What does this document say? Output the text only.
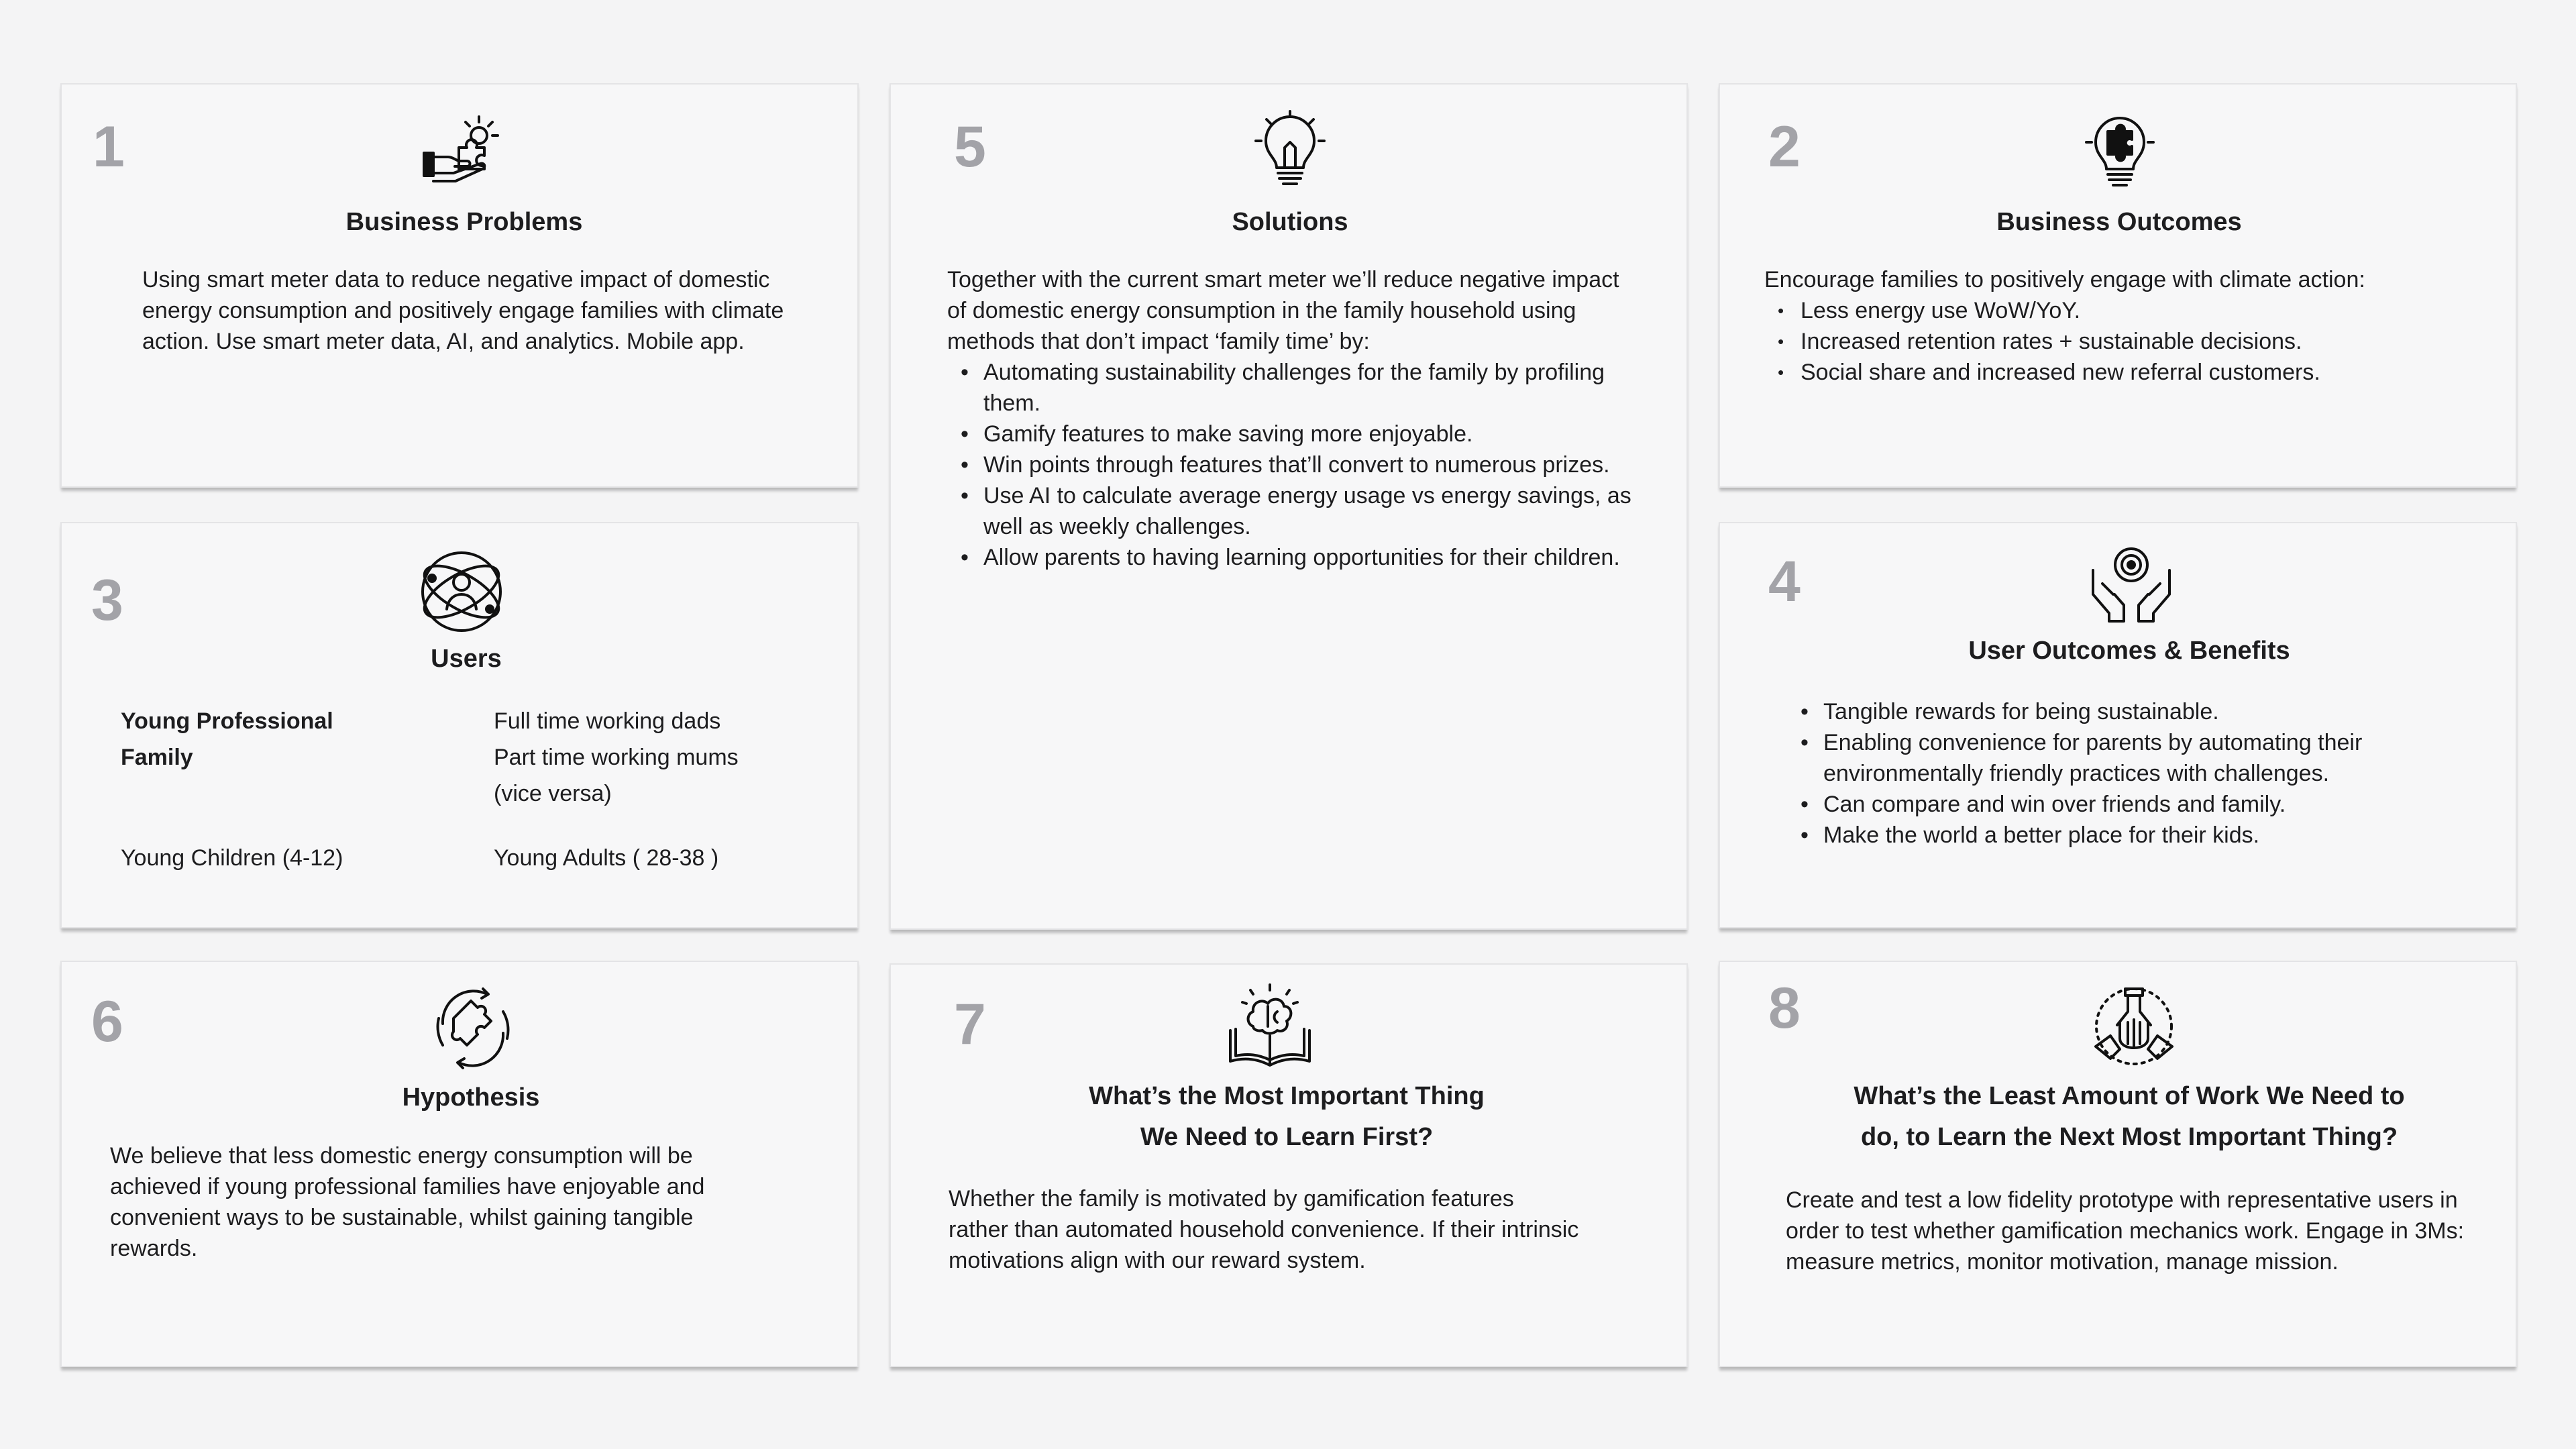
1
Business Problems
Using smart meter data to reduce negative impact of domestic energy consumption and positively engage families with climate action. Use smart meter data, AI, and analytics. Mobile app.
5
Solutions

Together with the current smart meter we’ll reduce negative impact of domestic energy consumption in the family household using methods that don’t impact ‘family time’ by:

• Automating sustainability challenges for the family by profiling them.
• Gamify features to make saving more enjoyable.
• Win points through features that’ll convert to numerous prizes.
• Use AI to calculate average energy usage vs energy savings, as well as weekly challenges.
• Allow parents to having learning opportunities for their children.
2
Business Outcomes

Encourage families to positively engage with climate action:

• Less energy use WoW/YoY.
• Increased retention rates + sustainable decisions.
• Social share and increased new referral customers.
3
Users
Young Professional Family
Full time working dads
Part time working mums
(vice versa)
Young Children (4-12)	Young Adults ( 28-38 )
4
User Outcomes & Benefits
• Tangible rewards for being sustainable.
• Enabling convenience for parents by automating their environmentally friendly practices with challenges.
• Can compare and win over friends and family.
• Make the world a better place for their kids.
6
Hypothesis
We believe that less domestic energy consumption will be achieved if young professional families have enjoyable and convenient ways to be sustainable, whilst gaining tangible rewards.
7
What’s the Most Important Thing
We Need to Learn First?
Whether the family is motivated by gamification features rather than automated household convenience. If their intrinsic motivations align with our reward system.
8
What’s the Least Amount of Work We Need to
do, to Learn the Next Most Important Thing?
Create and test a low fidelity prototype with representative users in order to test whether gamification mechanics work. Engage in 3Ms: measure metrics, monitor motivation, manage mission.
